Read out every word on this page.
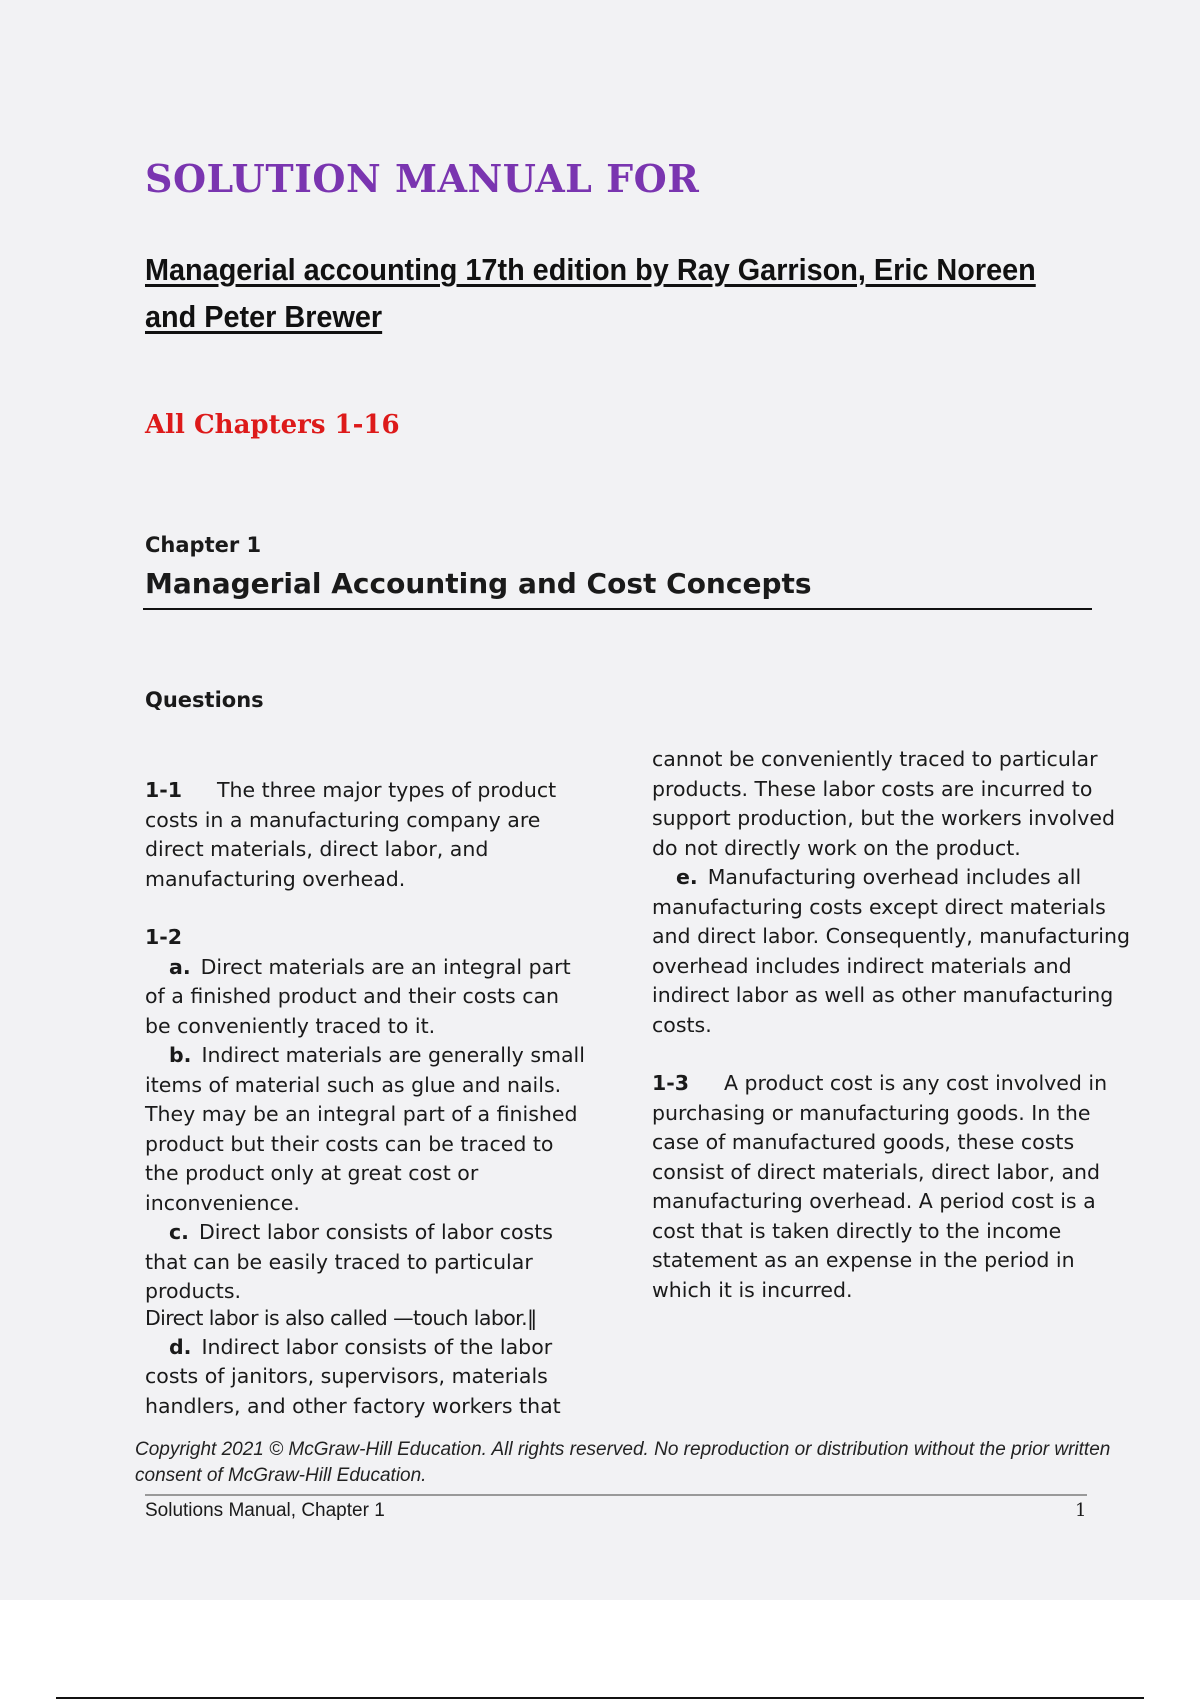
SOLUTION MANUAL FOR
Managerial accounting 17th edition by Ray Garrison, Eric Noreen and Peter Brewer

All Chapters 1-16

Chapter 1

Managerial Accounting and Cost Concepts

Questions

1-1 The three major types of product costs in a manufacturing company are direct materials, direct labor, and manufacturing overhead.

1-2

a. Direct materials are an integral part of a finished product and their costs can be conveniently traced to it.

b. Indirect materials are generally small items of material such as glue and nails. They may be an integral part of a finished product but their costs can be traced to the product only at great cost or inconvenience.

c. Direct labor consists of labor costs that can be easily traced to particular products.

Direct labor is also called —touch labor.‖

d. Indirect labor consists of the labor costs of janitors, supervisors, materials handlers, and other factory workers that

cannot be conveniently traced to particular products. These labor costs are incurred to support production, but the workers involved do not directly work on the product.

e. Manufacturing overhead includes all manufacturing costs except direct materials and direct labor. Consequently, manufacturing overhead includes indirect materials and indirect labor as well as other manufacturing costs.

1-3 A product cost is any cost involved in purchasing or manufacturing goods. In the case of manufactured goods, these costs consist of direct materials, direct labor, and manufacturing overhead. A period cost is a cost that is taken directly to the income statement as an expense in the period in which it is incurred.

Copyright 2021 © McGraw-Hill Education. All rights reserved. No reproduction or distribution without the prior written consent of McGraw-Hill Education.

Solutions Manual, Chapter 1	1
